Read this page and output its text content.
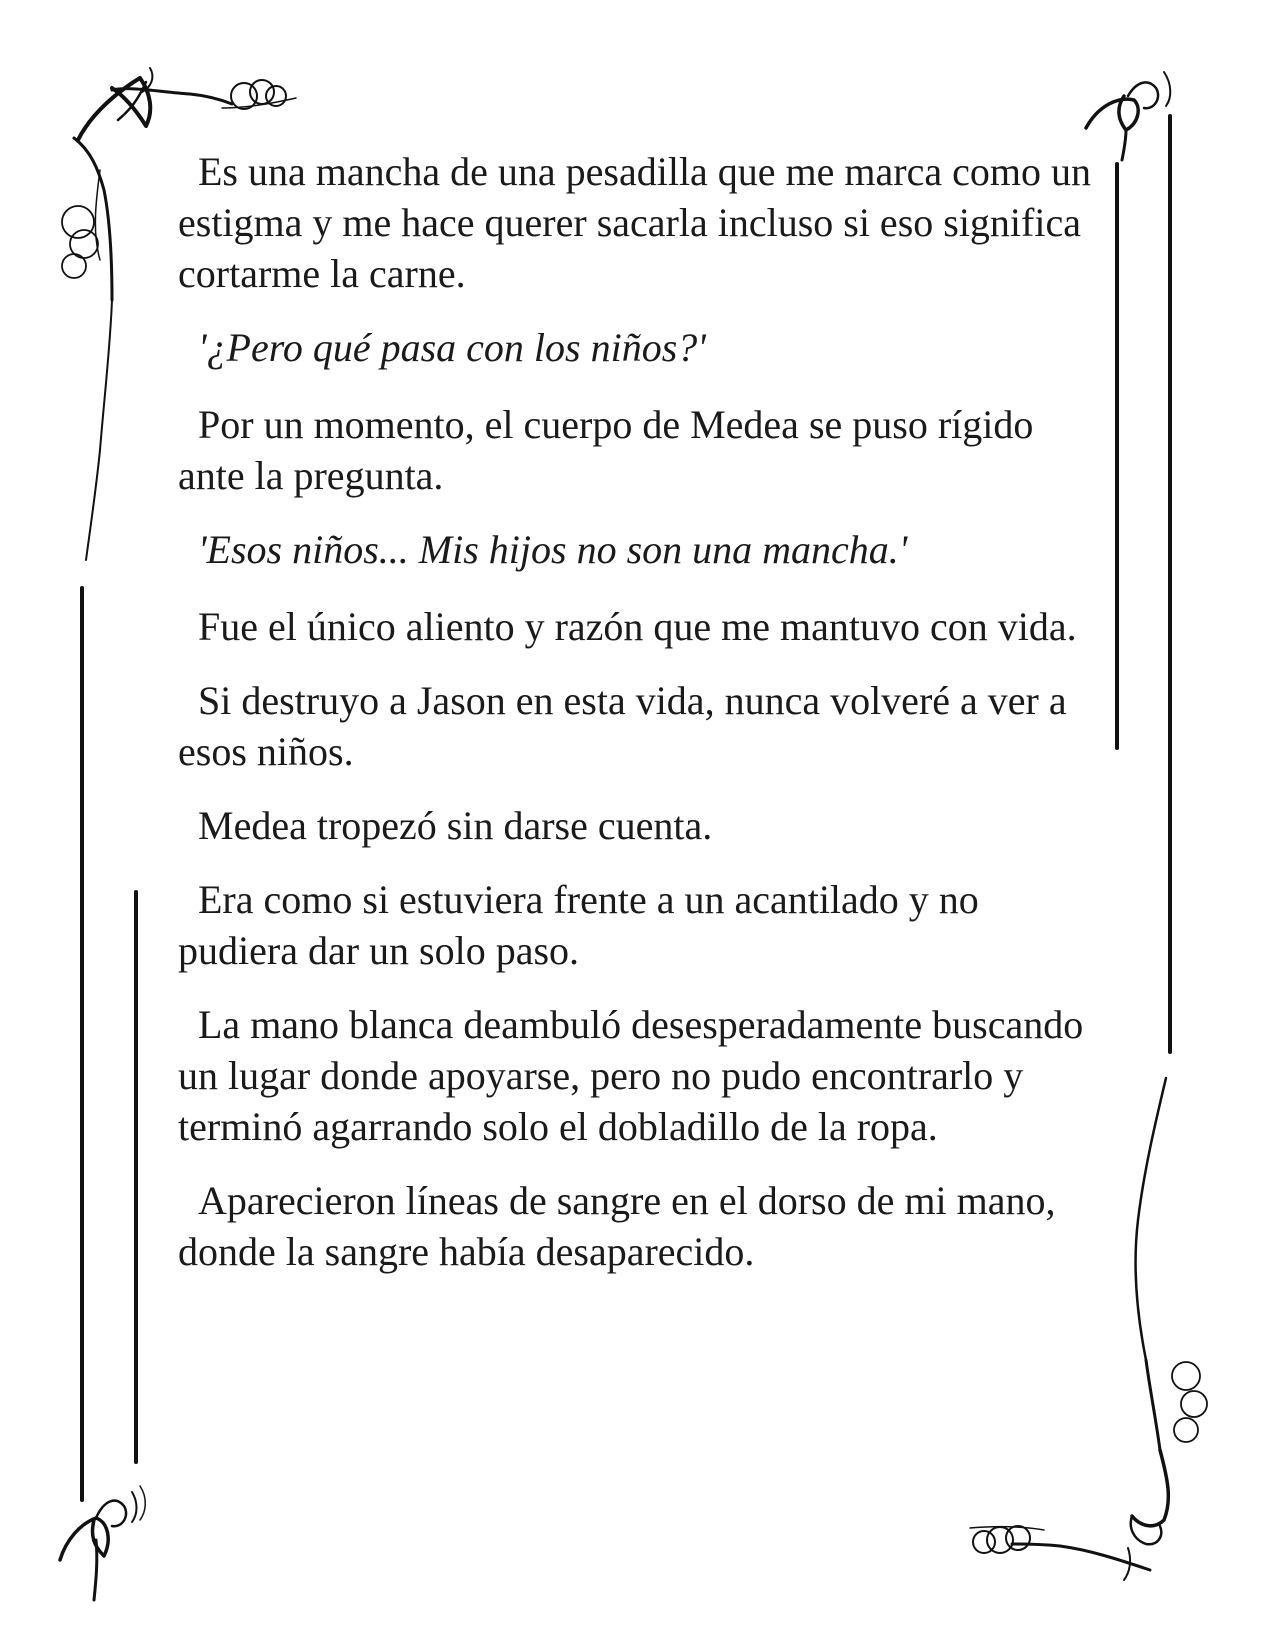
Es una mancha de una pesadilla que me marca como un estigma y me hace querer sacarla incluso si eso significa cortarme la carne.

'¿Pero qué pasa con los niños?'

Por un momento, el cuerpo de Medea se puso rígido ante la pregunta.

'Esos niños... Mis hijos no son una mancha.'

Fue el único aliento y razón que me mantuvo con vida.

Si destruyo a Jason en esta vida, nunca volveré a ver a esos niños.

Medea tropezó sin darse cuenta.

Era como si estuviera frente a un acantilado y no pudiera dar un solo paso.

La mano blanca deambuló desesperadamente buscando un lugar donde apoyarse, pero no pudo encontrarlo y terminó agarrando solo el dobladillo de la ropa.

Aparecieron líneas de sangre en el dorso de mi mano, donde la sangre había desaparecido.
